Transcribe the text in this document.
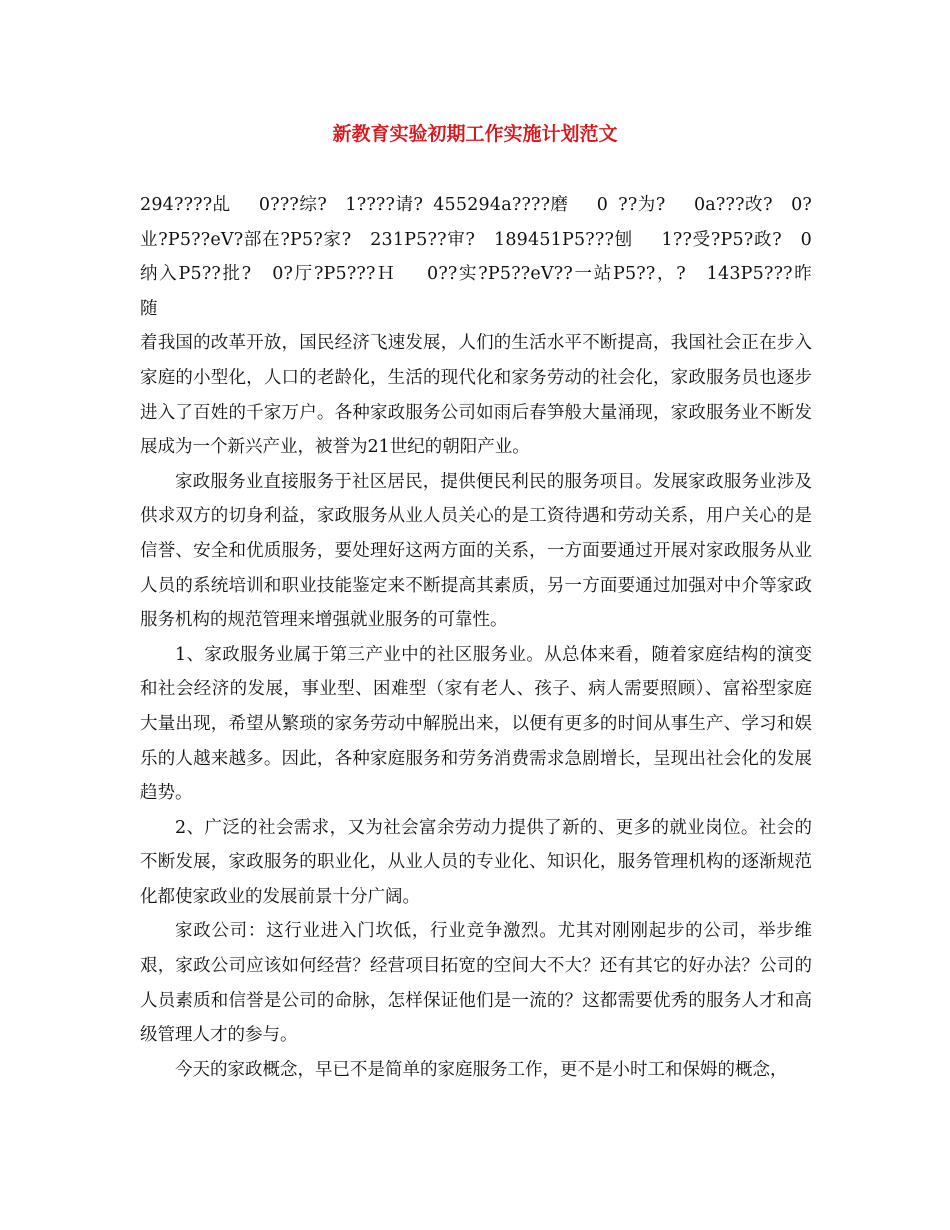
新教育实验初期工作实施计划范文

294????乩　 0???综?　1????请? 455294a????磨　 0 ??为?　 0a???改?　0?业?P5??eV?部在?P5?家?　231P5??审?　189451P5???刨　 1??受?P5?政?　0纳入P5??批?　0?厅?P5???Ｈ　 0??实?P5??eV??一站P5??，?　143P5???昨　　　随

着我国的改革开放，国民经济飞速发展，人们的生活水平不断提高，我国社会正在步入家庭的小型化，人口的老龄化，生活的现代化和家务劳动的社会化，家政服务员也逐步进入了百姓的千家万户。各种家政服务公司如雨后春笋般大量涌现，家政服务业不断发展成为一个新兴产业，被誉为21世纪的朝阳产业。

家政服务业直接服务于社区居民，提供便民利民的服务项目。发展家政服务业涉及供求双方的切身利益，家政服务从业人员关心的是工资待遇和劳动关系，用户关心的是信誉、安全和优质服务，要处理好这两方面的关系，一方面要通过开展对家政服务从业人员的系统培训和职业技能鉴定来不断提高其素质，另一方面要通过加强对中介等家政服务机构的规范管理来增强就业服务的可靠性。

1、家政服务业属于第三产业中的社区服务业。从总体来看，随着家庭结构的演变和社会经济的发展，事业型、困难型（家有老人、孩子、病人需要照顾）、富裕型家庭大量出现，希望从繁琐的家务劳动中解脱出来，以便有更多的时间从事生产、学习和娱乐的人越来越多。因此，各种家庭服务和劳务消费需求急剧增长，呈现出社会化的发展趋势。

2、广泛的社会需求，又为社会富余劳动力提供了新的、更多的就业岗位。社会的不断发展，家政服务的职业化，从业人员的专业化、知识化，服务管理机构的逐渐规范化都使家政业的发展前景十分广阔。

家政公司：这行业进入门坎低，行业竞争激烈。尤其对刚刚起步的公司，举步维艰，家政公司应该如何经营？经营项目拓宽的空间大不大？还有其它的好办法？公司的人员素质和信誉是公司的命脉，怎样保证他们是一流的？这都需要优秀的服务人才和高级管理人才的参与。

今天的家政概念，早已不是简单的家庭服务工作，更不是小时工和保姆的概念，
